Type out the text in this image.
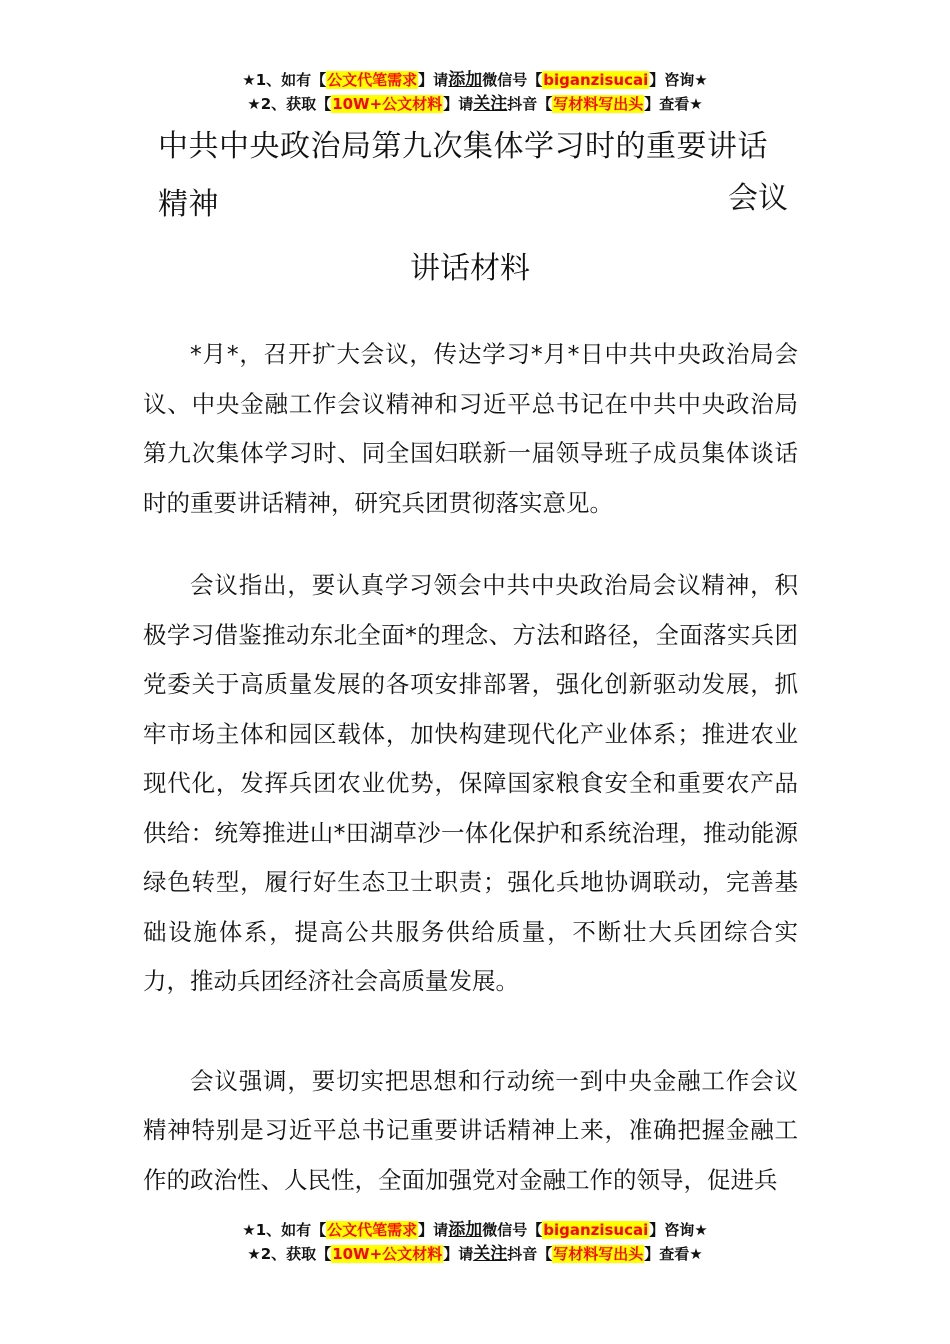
★1、如有【公文代笔需求】请添加微信号【biganzisucai】咨询★
★2、获取【10W+公文材料】请关注抖音【写材料写出头】查看★
中共中央政治局第九次集体学习时的重要讲话精神	会议
讲话材料

*月*，召开扩大会议，传达学习*月*日中共中央政治局会议、中央金融工作会议精神和习近平总书记在中共中央政治局第九次集体学习时、同全国妇联新一届领导班子成员集体谈话时的重要讲话精神，研究兵团贯彻落实意见。

会议指出，要认真学习领会中共中央政治局会议精神，积极学习借鉴推动东北全面*的理念、方法和路径，全面落实兵团党委关于高质量发展的各项安排部署，强化创新驱动发展，抓牢市场主体和园区载体，加快构建现代化产业体系；推进农业现代化，发挥兵团农业优势，保障国家粮食安全和重要农产品供给：统筹推进山*田湖草沙一体化保护和系统治理，推动能源绿色转型，履行好生态卫士职责；强化兵地协调联动，完善基础设施体系，提高公共服务供给质量，不断壮大兵团综合实力，推动兵团经济社会高质量发展。

会议强调，要切实把思想和行动统一到中央金融工作会议精神特别是习近平总书记重要讲话精神上来，准确把握金融工作的政治性、人民性，全面加强党对金融工作的领导，促进兵

★1、如有【公文代笔需求】请添加微信号【biganzisucai】咨询★
★2、获取【10W+公文材料】请关注抖音【写材料写出头】查看★
